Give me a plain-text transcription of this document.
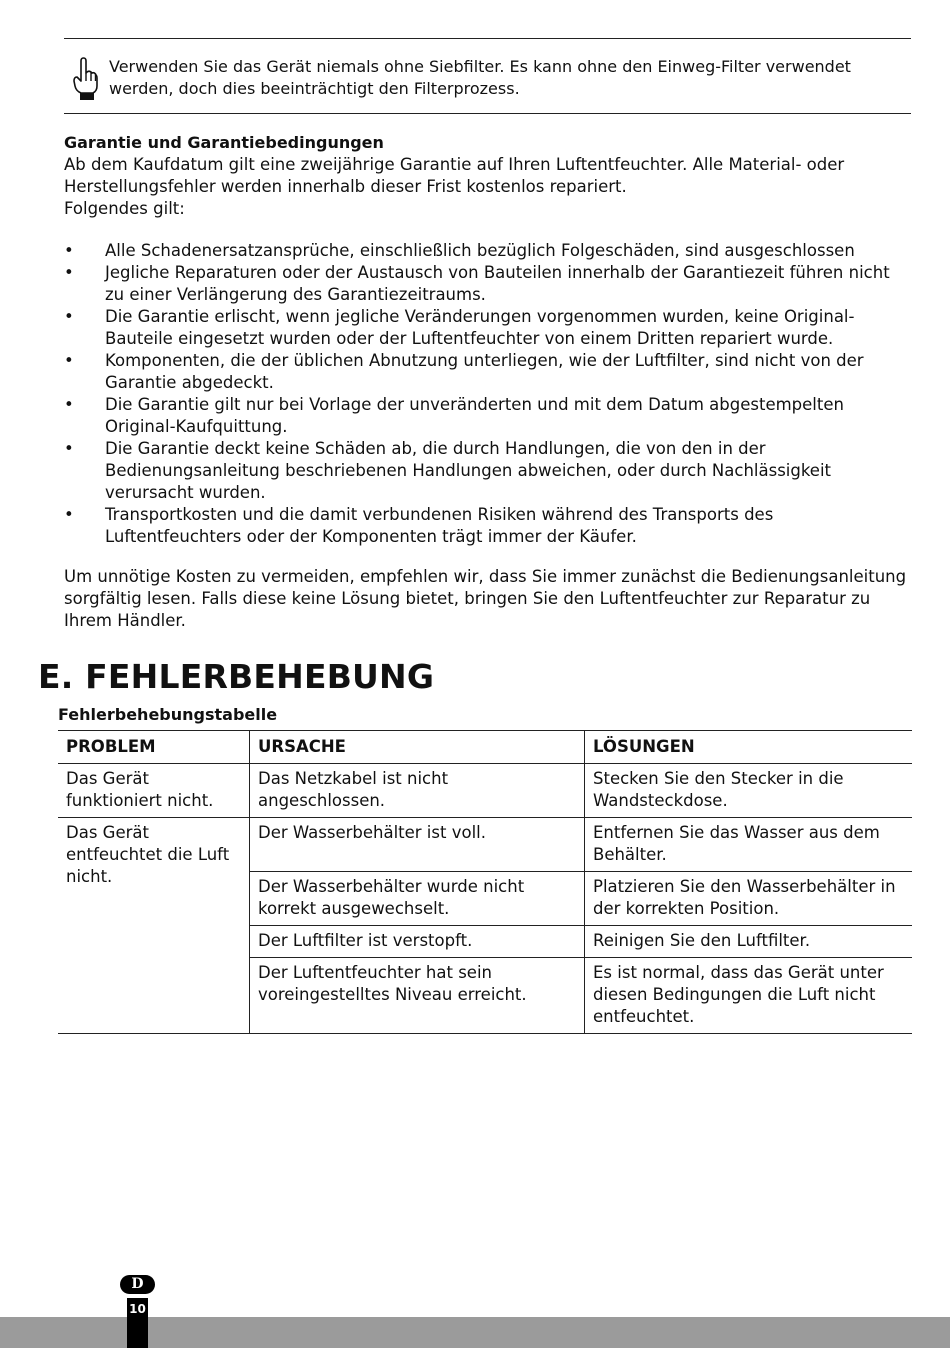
Verwenden Sie das Gerät niemals ohne Siebfilter. Es kann ohne den Einweg-Filter verwendet werden, doch dies beeinträchtigt den Filterprozess.
Garantie und Garantiebedingungen
Ab dem Kaufdatum gilt eine zweijährige Garantie auf Ihren Luftentfeuchter. Alle Material- oder Herstellungsfehler werden innerhalb dieser Frist kostenlos repariert.
Folgendes gilt:
• Alle Schadenersatzansprüche, einschließlich bezüglich Folgeschäden, sind ausgeschlossen
• Jegliche Reparaturen oder der Austausch von Bauteilen innerhalb der Garantiezeit führen nicht zu einer Verlängerung des Garantiezeitraums.
• Die Garantie erlischt, wenn jegliche Veränderungen vorgenommen wurden, keine Original-Bauteile eingesetzt wurden oder der Luftentfeuchter von einem Dritten repariert wurde.
• Komponenten, die der üblichen Abnutzung unterliegen, wie der Luftfilter, sind nicht von der Garantie abgedeckt.
• Die Garantie gilt nur bei Vorlage der unveränderten und mit dem Datum abgestempelten Original-Kaufquittung.
• Die Garantie deckt keine Schäden ab, die durch Handlungen, die von den in der Bedienungsanleitung beschriebenen Handlungen abweichen, oder durch Nachlässigkeit verursacht wurden.
• Transportkosten und die damit verbundenen Risiken während des Transports des Luftentfeuchters oder der Komponenten trägt immer der Käufer.
Um unnötige Kosten zu vermeiden, empfehlen wir, dass Sie immer zunächst die Bedienungsanleitung sorgfältig lesen. Falls diese keine Lösung bietet, bringen Sie den Luftentfeuchter zur Reparatur zu Ihrem Händler.
E. FEHLERBEHEBUNG
Fehlerbehebungstabelle
PROBLEM	URSACHE	LÖSUNGEN
Das Gerät funktioniert nicht.	Das Netzkabel ist nicht angeschlossen.	Stecken Sie den Stecker in die Wandsteckdose.
Das Gerät entfeuchtet die Luft nicht.	Der Wasserbehälter ist voll.	Entfernen Sie das Wasser aus dem Behälter.
	Der Wasserbehälter wurde nicht korrekt ausgewechselt.	Platzieren Sie den Wasserbehälter in der korrekten Position.
	Der Luftfilter ist verstopft.	Reinigen Sie den Luftfilter.
	Der Luftentfeuchter hat sein voreingestelltes Niveau erreicht.	Es ist normal, dass das Gerät unter diesen Bedingungen die Luft nicht entfeuchtet.
D
10
